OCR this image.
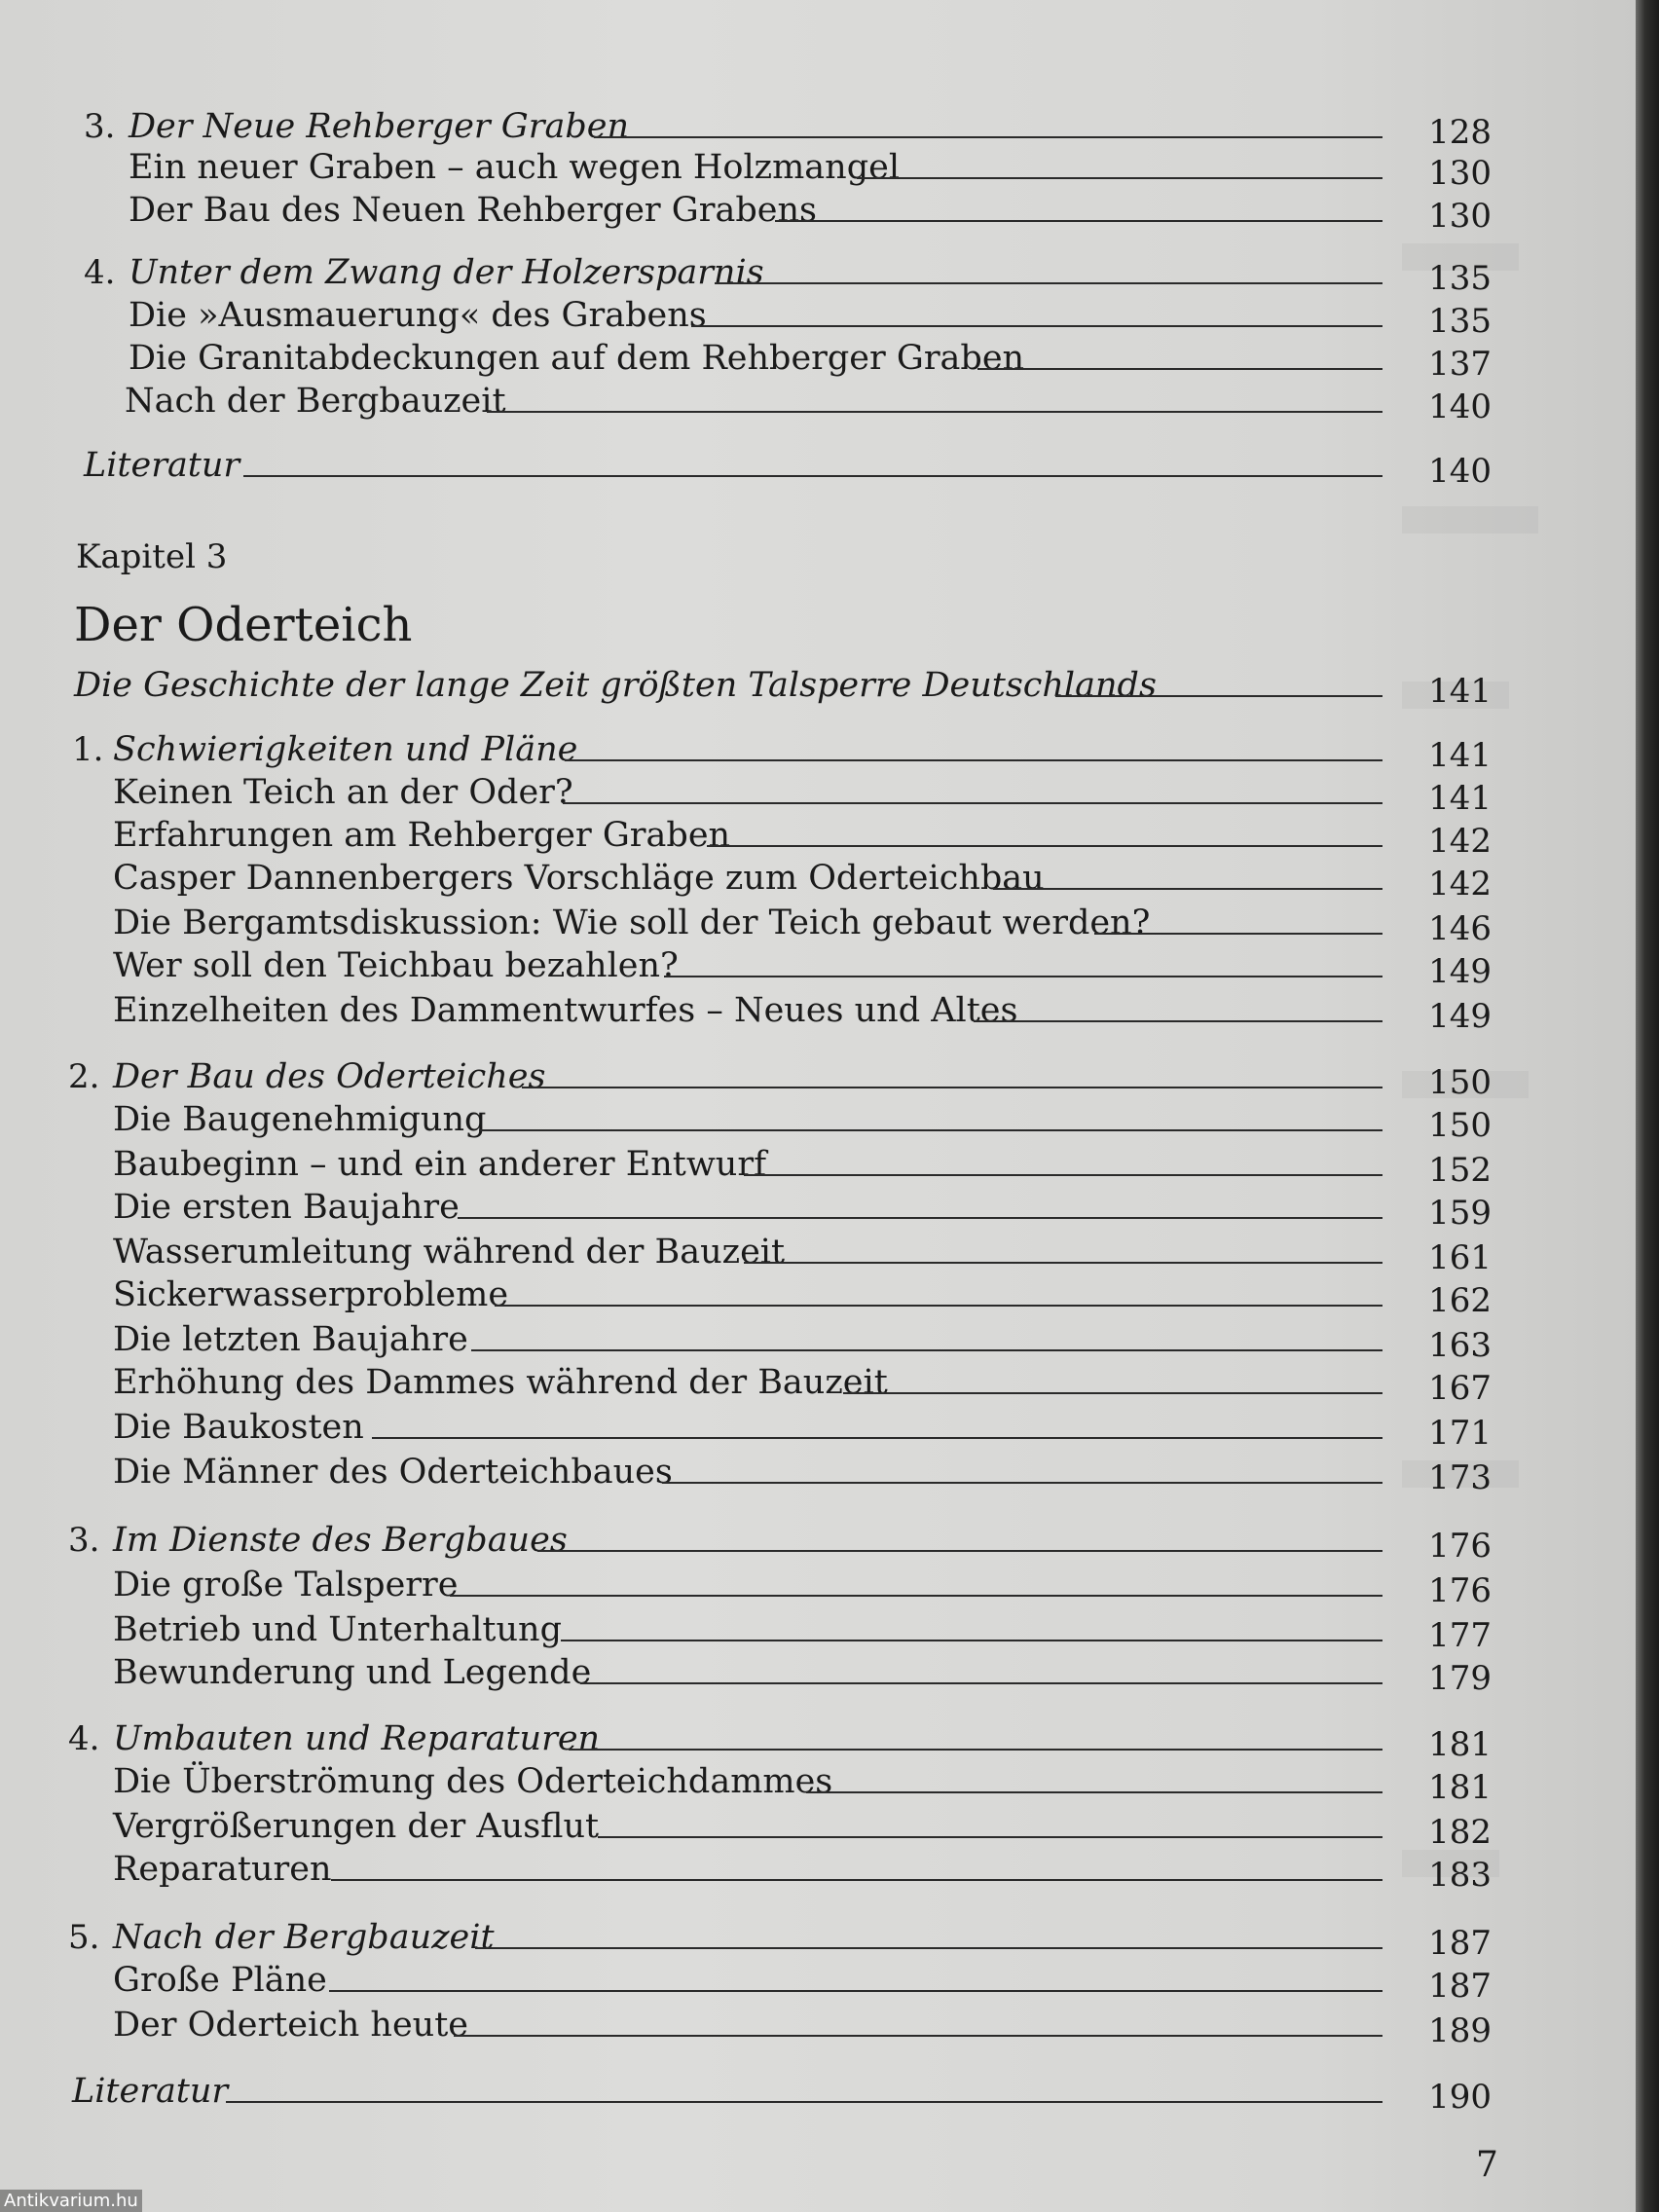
3. Der Neue Rehberger Graben	128
Ein neuer Graben – auch wegen Holzmangel	130
Der Bau des Neuen Rehberger Grabens	130
4. Unter dem Zwang der Holzersparnis	135
Die »Ausmauerung« des Grabens	135
Die Granitabdeckungen auf dem Rehberger Graben	137
Nach der Bergbauzeit	140
Literatur	140
Kapitel 3
Der Oderteich
Die Geschichte der lange Zeit größten Talsperre Deutschlands	141
1. Schwierigkeiten und Pläne	141
Keinen Teich an der Oder?	141
Erfahrungen am Rehberger Graben	142
Casper Dannenbergers Vorschläge zum Oderteichbau	142
Die Bergamtsdiskussion: Wie soll der Teich gebaut werden?	146
Wer soll den Teichbau bezahlen?	149
Einzelheiten des Dammentwurfes – Neues und Altes	149
2. Der Bau des Oderteiches	150
Die Baugenehmigung	150
Baubeginn – und ein anderer Entwurf	152
Die ersten Baujahre	159
Wasserumleitung während der Bauzeit	161
Sickerwasserprobleme	162
Die letzten Baujahre	163
Erhöhung des Dammes während der Bauzeit	167
Die Baukosten	171
Die Männer des Oderteichbaues	173
3. Im Dienste des Bergbaues	176
Die große Talsperre	176
Betrieb und Unterhaltung	177
Bewunderung und Legende	179
4. Umbauten und Reparaturen	181
Die Überströmung des Oderteichdammes	181
Vergrößerungen der Ausflut	182
Reparaturen	183
5. Nach der Bergbauzeit	187
Große Pläne	187
Der Oderteich heute	189
Literatur	190
7
Antikvarium.hu
